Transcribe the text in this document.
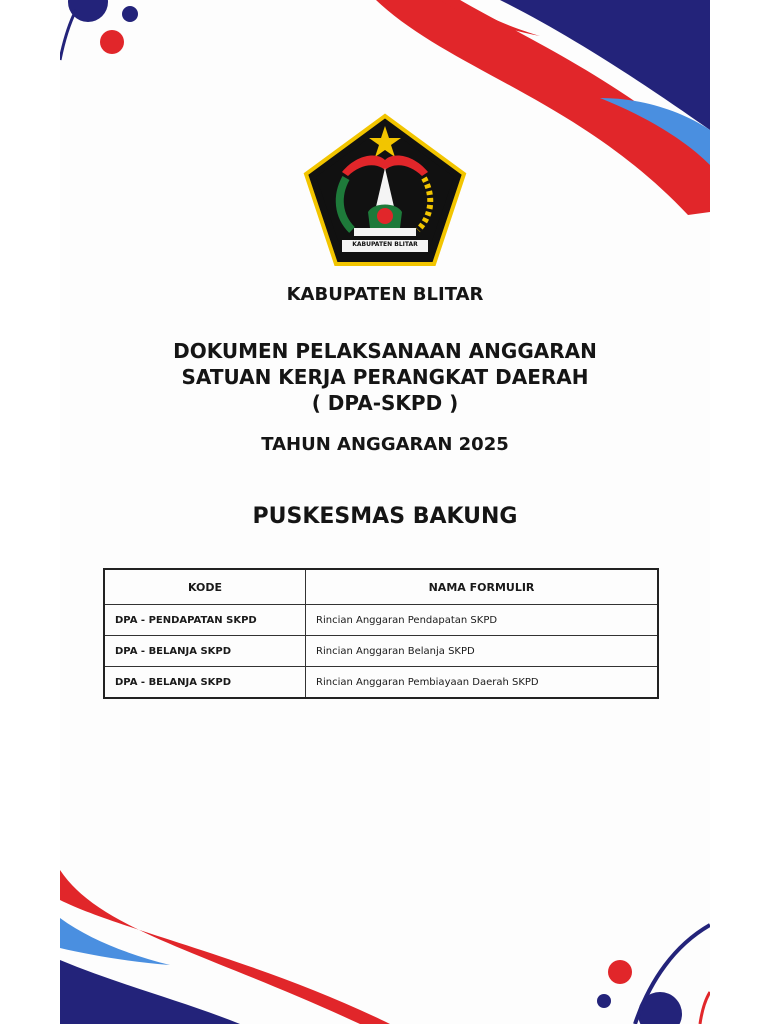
KABUPATEN BLITAR

KABUPATEN BLITAR

DOKUMEN PELAKSANAAN ANGGARAN
SATUAN KERJA PERANGKAT DAERAH
( DPA-SKPD )

TAHUN ANGGARAN 2025

PUSKESMAS BAKUNG

KODE	NAMA FORMULIR
DPA - PENDAPATAN SKPD	Rincian Anggaran Pendapatan SKPD
DPA - BELANJA SKPD	Rincian Anggaran Belanja SKPD
DPA - BELANJA SKPD	Rincian Anggaran Pembiayaan Daerah SKPD
